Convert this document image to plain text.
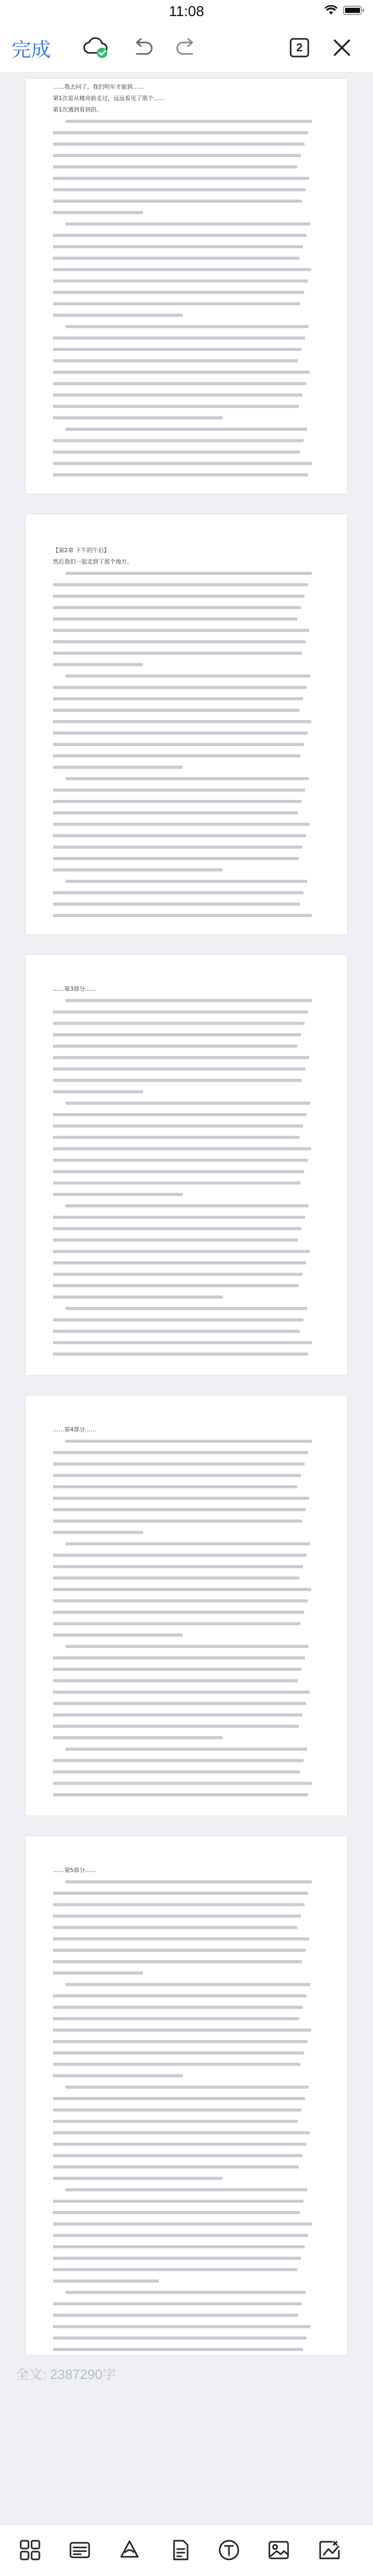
11:08
完成	2
……我去问了，我们明年才能到……
第1次是从楼房前走过，远远看见了那个……
第1次遇到看到的。
【第2章 下午的午后】
然后我们一起走到了那个地方。
……第3部分……
……第4部分……
……第5部分……
全文: 2387290字
